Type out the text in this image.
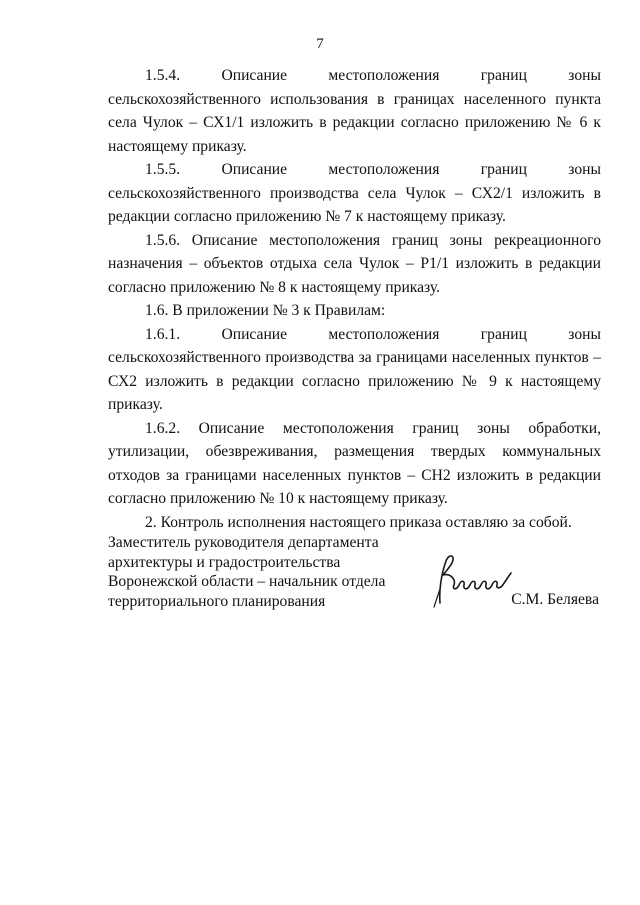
7

1.5.4. Описание местоположения границ зоны сельскохозяйственного использования в границах населенного пункта села Чулок – СХ1/1 изложить в редакции согласно приложению № 6 к настоящему приказу.

1.5.5. Описание местоположения границ зоны сельскохозяйственного производства села Чулок – СХ2/1 изложить в редакции согласно приложению № 7 к настоящему приказу.

1.5.6. Описание местоположения границ зоны рекреационного назначения – объектов отдыха села Чулок – Р1/1 изложить в редакции согласно приложению № 8 к настоящему приказу.

1.6. В приложении № 3 к Правилам:

1.6.1. Описание местоположения границ зоны сельскохозяйственного производства за границами населенных пунктов – СХ2 изложить в редакции согласно приложению № 9 к настоящему приказу.

1.6.2. Описание местоположения границ зоны обработки, утилизации, обезвреживания, размещения твердых коммунальных отходов за границами населенных пунктов – СН2 изложить в редакции согласно приложению № 10 к настоящему приказу.

2. Контроль исполнения настоящего приказа оставляю за собой.

Заместитель руководителя департамента
архитектуры и градостроительства
Воронежской области – начальник отдела
территориального планирования	С.М. Беляева
